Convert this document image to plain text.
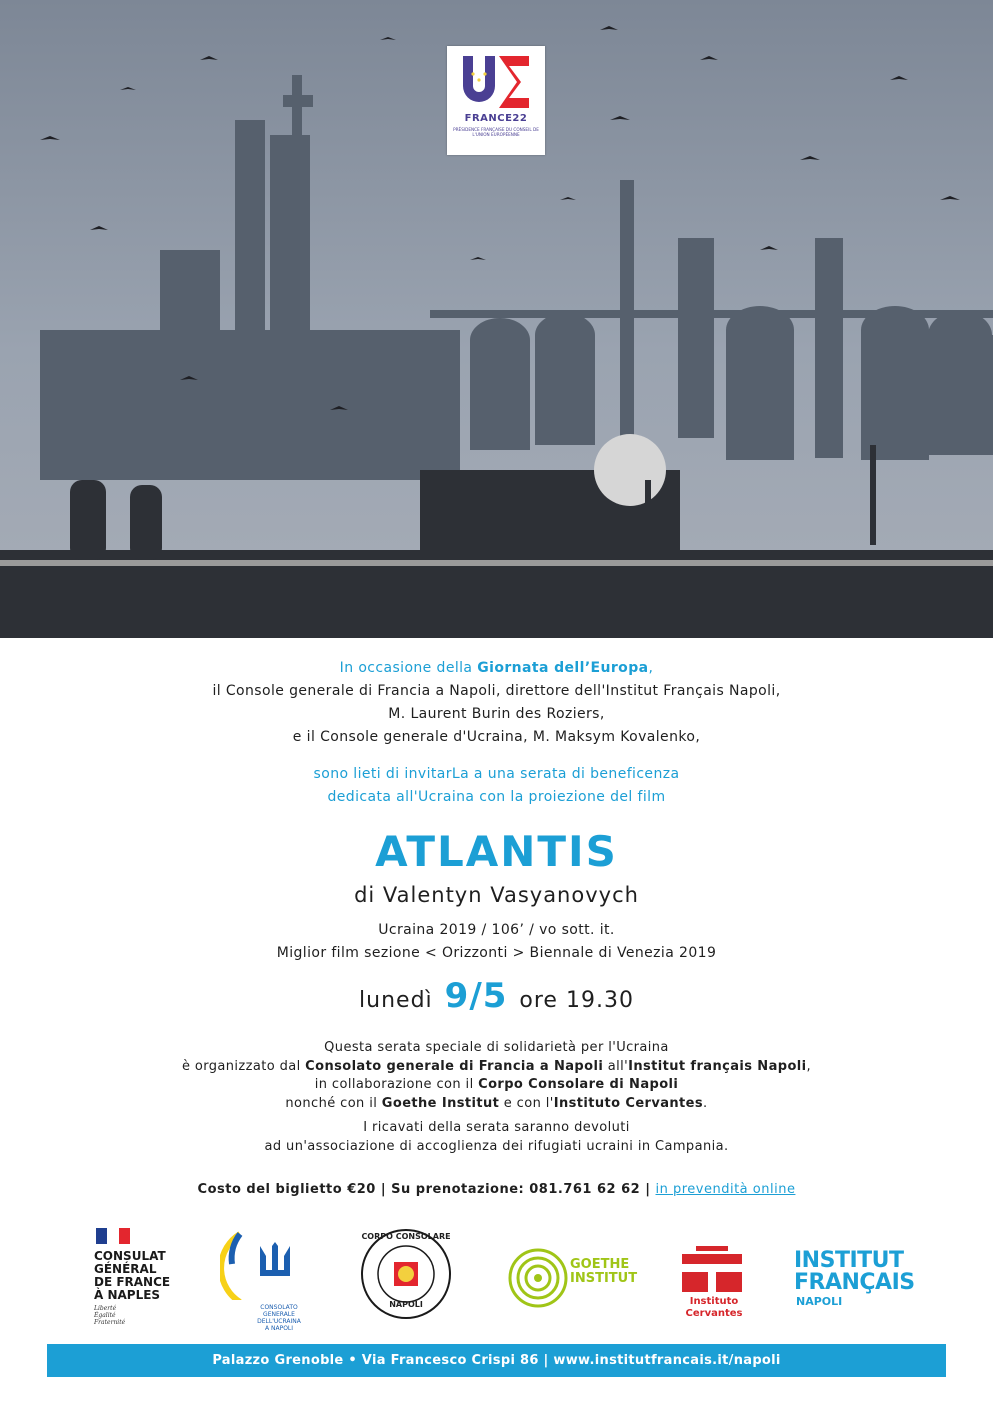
FRANCE22
PRÉSIDENCE FRANÇAISE DU CONSEIL DE L'UNION EUROPÉENNE

In occasione della Giornata dell’Europa,

il Console generale di Francia a Napoli, direttore dell'Institut Français Napoli,

M. Laurent Burin des Roziers,

e il Console generale d'Ucraina, M. Maksym Kovalenko,

sono lieti di invitarLa a una serata di beneficenza

dedicata all'Ucraina con la proiezione del film

ATLANTIS
di Valentyn Vasyanovych

Ucraina 2019 / 106’ / vo sott. it.

Miglior film sezione < Orizzonti > Biennale di Venezia 2019

lunedì 9/5 ore 19.30

Questa serata speciale di solidarietà per l'Ucraina

è organizzato dal Consolato generale di Francia a Napoli all'Institut français Napoli,

in collaborazione con il Corpo Consolare di Napoli

nonché con il Goethe Institut e con l'Instituto Cervantes.

I ricavati della serata saranno devoluti

ad un'associazione di accoglienza dei rifugiati ucraini in Campania.

Costo del biglietto €20 | Su prenotazione: 081.761 62 62 | in prevendità online
CONSULAT
GÉNÉRAL
DE FRANCE
À NAPLES
Liberté
Égalité
Fraternité
CONSOLATO GENERALE
DELL'UCRAINA
A NAPOLI
CORPO CONSOLARE
NAPOLI
GOETHE
INSTITUT
Instituto
Cervantes
INSTITUT
FRANÇAIS
NAPOLI
Palazzo Grenoble • Via Francesco Crispi 86 | www.institutfrancais.it/napoli
